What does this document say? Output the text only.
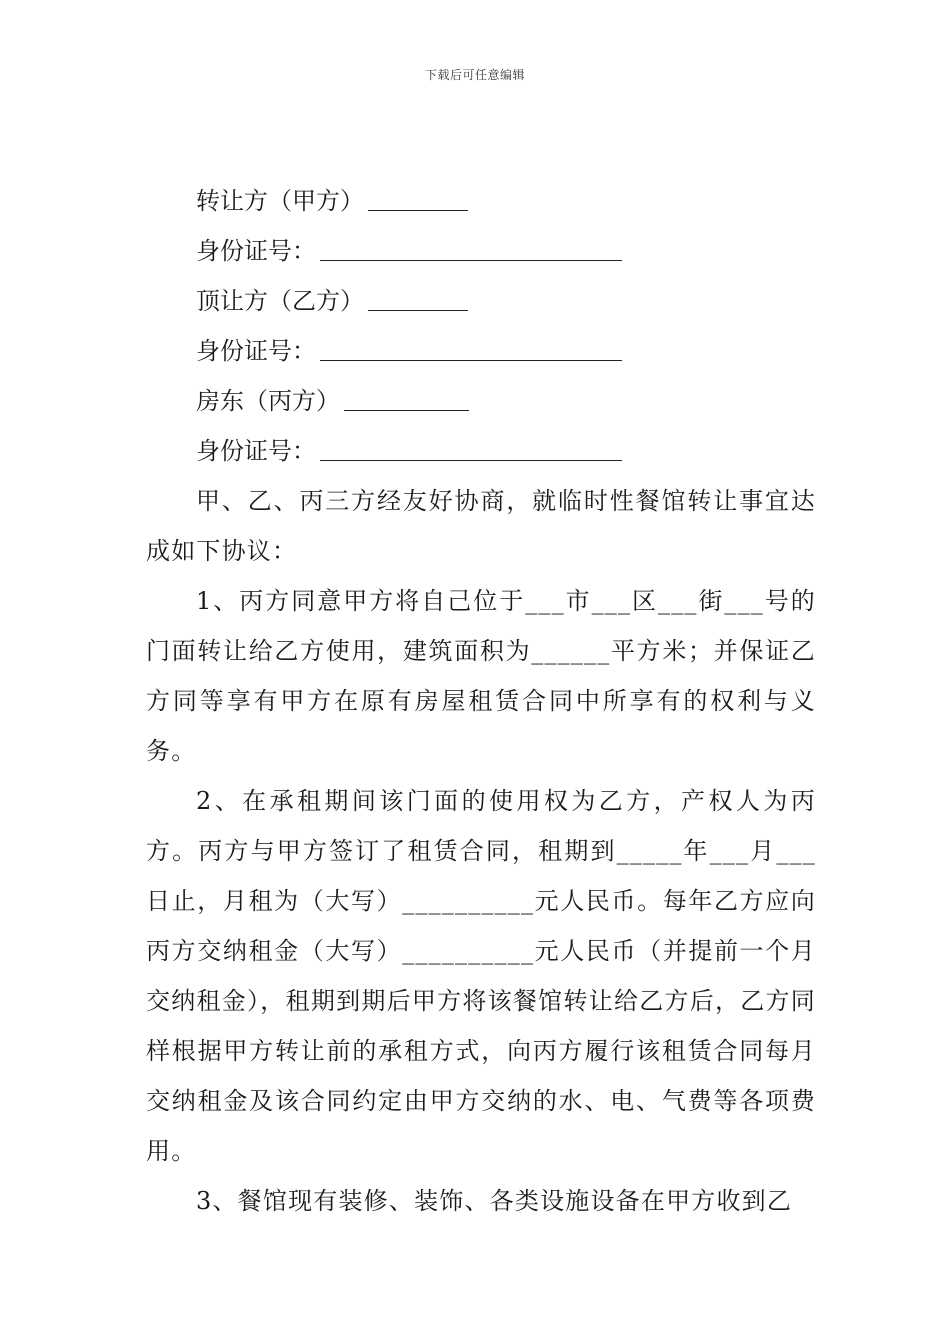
下载后可任意编辑
转让方（甲方）
身份证号：
顶让方（乙方）
身份证号：
房东（丙方）
身份证号：

甲、乙、丙三方经友好协商，就临时性餐馆转让事宜达成如下协议：

1、丙方同意甲方将自己位于___市___区___街___号的门面转让给乙方使用，建筑面积为______平方米；并保证乙方同等享有甲方在原有房屋租赁合同中所享有的权利与义务。

2、在承租期间该门面的使用权为乙方，产权人为丙方。丙方与甲方签订了租赁合同，租期到_____年___月___日止，月租为（大写）__________元人民币。每年乙方应向丙方交纳租金（大写）__________元人民币（并提前一个月交纳租金），租期到期后甲方将该餐馆转让给乙方后，乙方同样根据甲方转让前的承租方式，向丙方履行该租赁合同每月交纳租金及该合同约定由甲方交纳的水、电、气费等各项费用。

3、餐馆现有装修、装饰、各类设施设备在甲方收到乙
